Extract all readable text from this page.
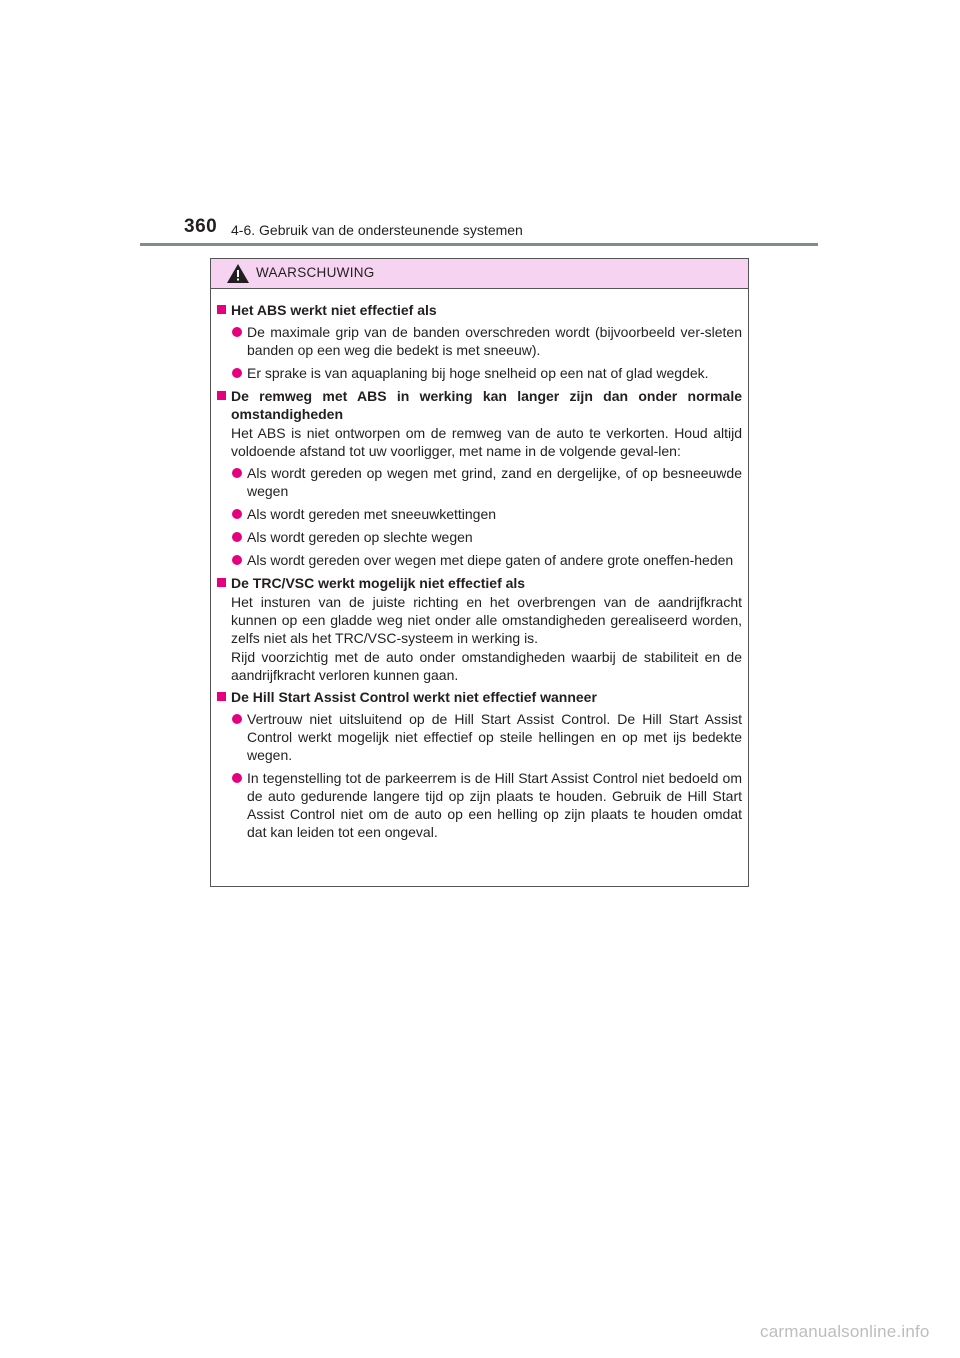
360 4-6. Gebruik van de ondersteunende systemen
WAARSCHUWING
Het ABS werkt niet effectief als
De maximale grip van de banden overschreden wordt (bijvoorbeeld ver-sleten banden op een weg die bedekt is met sneeuw).
Er sprake is van aquaplaning bij hoge snelheid op een nat of glad wegdek.
De remweg met ABS in werking kan langer zijn dan onder normale omstandigheden
Het ABS is niet ontworpen om de remweg van de auto te verkorten. Houd altijd voldoende afstand tot uw voorligger, met name in de volgende geval-len:
Als wordt gereden op wegen met grind, zand en dergelijke, of op besneeuwde wegen
Als wordt gereden met sneeuwkettingen
Als wordt gereden op slechte wegen
Als wordt gereden over wegen met diepe gaten of andere grote oneffen-heden
De TRC/VSC werkt mogelijk niet effectief als
Het insturen van de juiste richting en het overbrengen van de aandrijfkracht kunnen op een gladde weg niet onder alle omstandigheden gerealiseerd worden, zelfs niet als het TRC/VSC-systeem in werking is.
Rijd voorzichtig met de auto onder omstandigheden waarbij de stabiliteit en de aandrijfkracht verloren kunnen gaan.
De Hill Start Assist Control werkt niet effectief wanneer
Vertrouw niet uitsluitend op de Hill Start Assist Control. De Hill Start Assist Control werkt mogelijk niet effectief op steile hellingen en op met ijs bedekte wegen.
In tegenstelling tot de parkeerrem is de Hill Start Assist Control niet bedoeld om de auto gedurende langere tijd op zijn plaats te houden. Gebruik de Hill Start Assist Control niet om de auto op een helling op zijn plaats te houden omdat dat kan leiden tot een ongeval.
carmanualsonline.info
